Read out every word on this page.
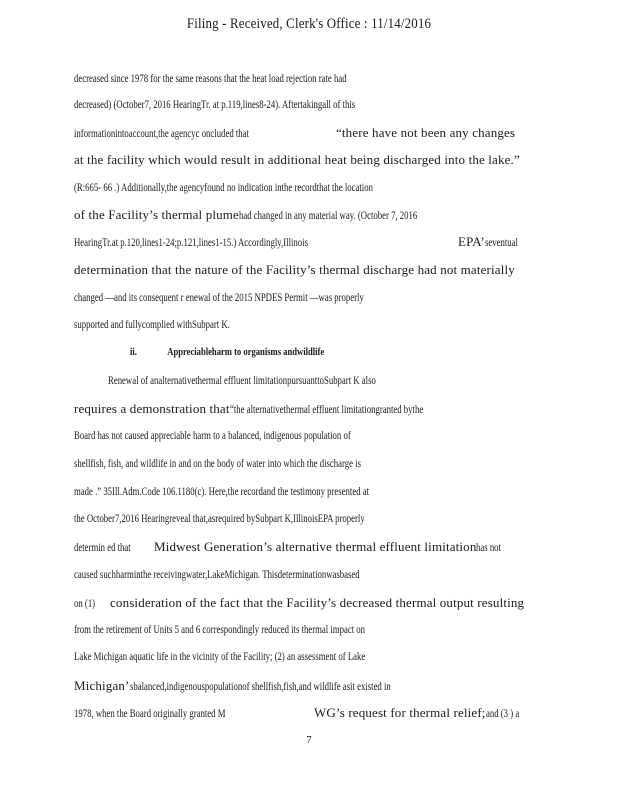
Filing - Received, Clerk's Office : 11/14/2016
decreased since 1978 for the same reasons that the heat load rejection rate had
decreased) (October7, 2016 HearingTr. at p.119,lines8-24). Aftertakingall of this
informationintoaccount,the agencyc oncluded that	“there have not been any changes
at the facility which would result in additional heat being discharged into the lake.”
(R:665- 66 .) Additionally,the agencyfound no indication inthe recordthat the location
of the Facility’s thermal plumehad changed in any material way. (October 7, 2016
HearingTr.at p.120,lines1-24;p.121,lines1-15.) Accordingly,Illinois	EPA’seventual
determination that the nature of the Facility’s thermal discharge had not materially
changed —and its consequent r enewal of the 2015 NPDES Permit —was properly
supported and fullycomplied withSubpart K.
ii.	Appreciableharm to organisms andwildlife
Renewal of analternativethermal effluent limitationpursuanttoSubpart K also
requires a demonstration that“the alternativethermal effluent limitationgranted bythe
Board has not caused appreciable harm to a balanced, indigenous population of
shellfish, fish, and wildlife in and on the body of water into which the discharge is
made .” 35Ill.Adm.Code 106.1180(c). Here,the recordand the testimony presented at
the October7,2016 Hearingreveal that,asrequired bySubpart K,IllinoisEPA properly
determin ed that Midwest Generation’s alternative thermal effluent limitationhas not
caused suchharminthe receivingwater,LakeMichigan. Thisdeterminationwasbased
on (1) consideration of the fact that the Facility’s decreased thermal output resulting
from the retirement of Units 5 and 6 correspondingly reduced its thermal impact on
Lake Michigan aquatic life in the vicinity of the Facility; (2) an assessment of Lake
Michigan’sbalanced,indigenouspopulationof shellfish,fish,and wildlife asit existed in
1978, when the Board originally granted M	WG’s request for thermal relief;and (3 ) a
7
